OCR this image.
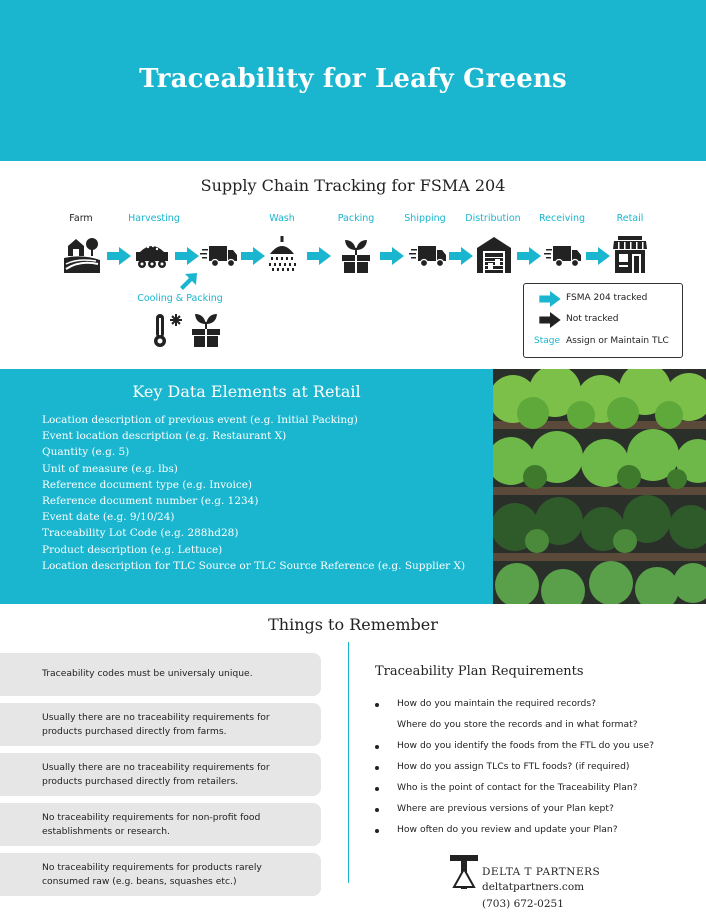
Traceability for Leafy Greens
Supply Chain Tracking for FSMA 204
Farm	Harvesting	Wash	Packing	Shipping	Distribution	Receiving	Retail
Cooling & Packing	FSMA 204 tracked
Not tracked
Stage Assign or Maintain TLC
Key Data Elements at Retail
Location description of previous event (e.g. Initial Packing)
Event location description (e.g. Restaurant X)
Quantity (e.g. 5)
Unit of measure (e.g. lbs)
Reference document type (e.g. Invoice)
Reference document number (e.g. 1234)
Event date (e.g. 9/10/24)
Traceability Lot Code (e.g. 288hd28)
Product description (e.g. Lettuce)
Location description for TLC Source or TLC Source Reference (e.g. Supplier X)
Things to Remember
Traceability codes must be universaly unique.
Usually there are no traceability requirements for products purchased directly from farms.
Usually there are no traceability requirements for products purchased directly from retailers.
No traceability requirements for non-profit food establishments or research.
No traceability requirements for products rarely consumed raw (e.g. beans, squashes etc.)
Traceability Plan Requirements
How do you maintain the required records?
Where do you store the records and in what format?
How do you identify the foods from the FTL do you use?
How do you assign TLCs to FTL foods? (if required)
Who is the point of contact for the Traceability Plan?
Where are previous versions of your Plan kept?
How often do you review and update your Plan?
DELTA T PARTNERS
deltatpartners.com
(703) 672-0251
